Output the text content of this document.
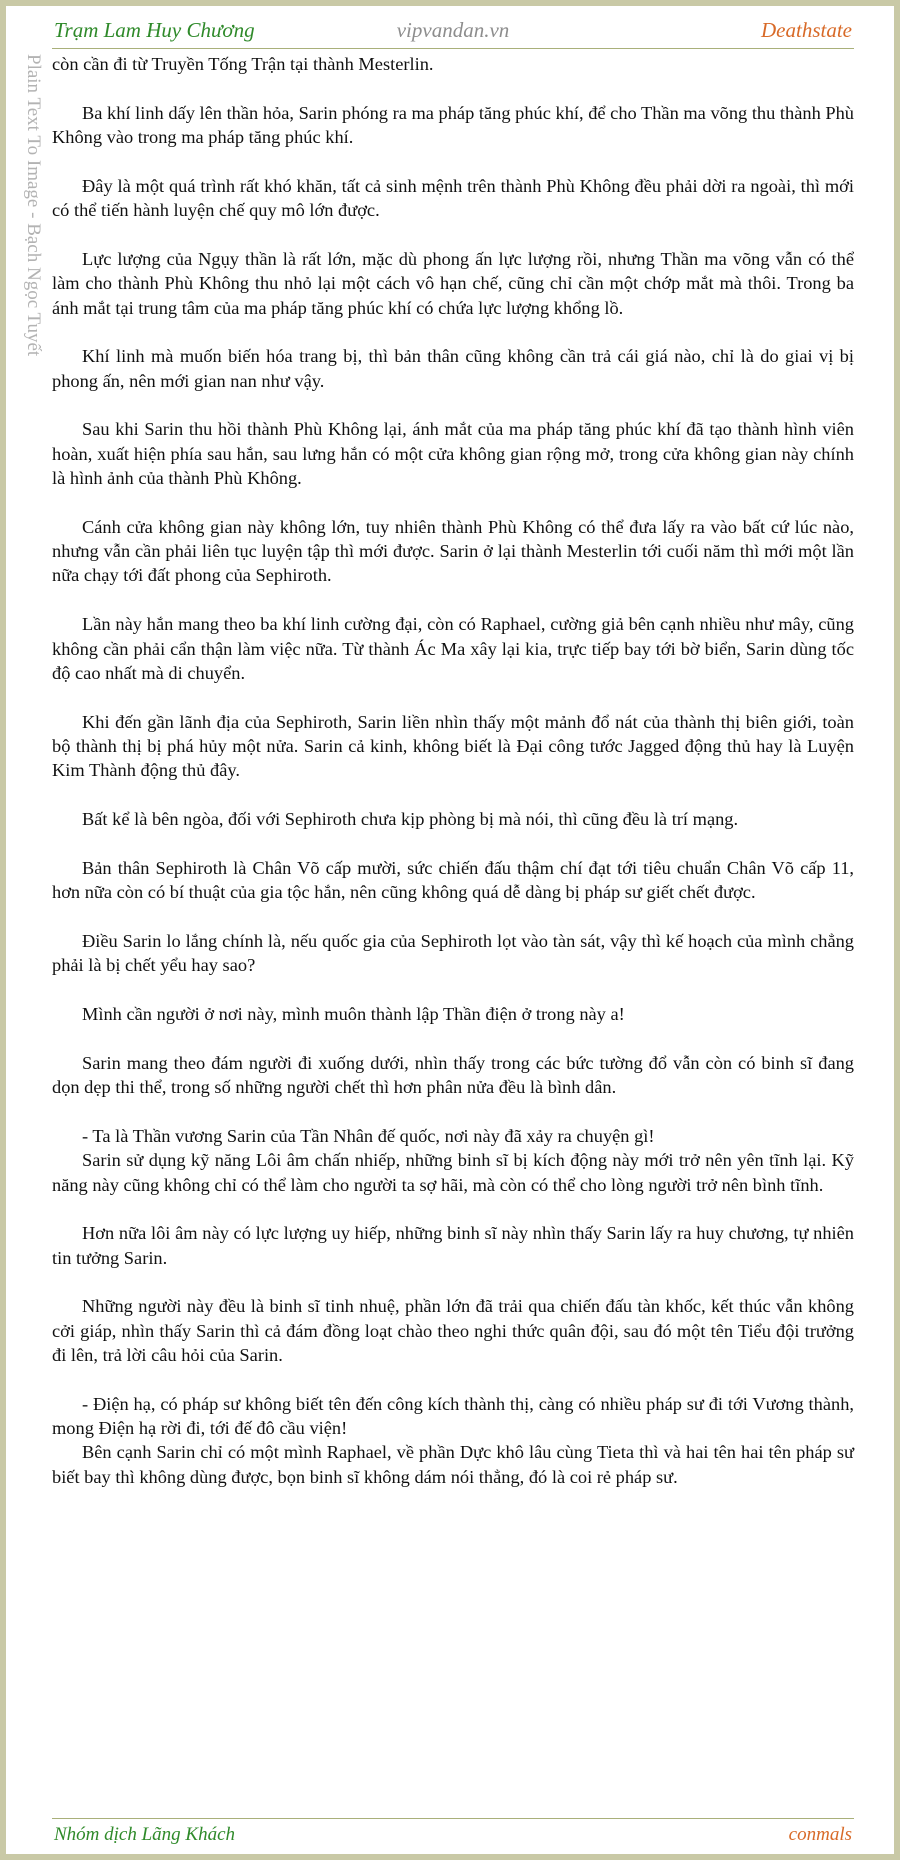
Trạm Lam Huy Chương	vipvandan.vn	Deathstate
Plain Text To Image - Bạch Ngọc Tuyết còn cần đi từ Truyền Tống Trận tại thành Mesterlin.

Ba khí linh dấy lên thần hỏa, Sarin phóng ra ma pháp tăng phúc khí, để cho Thần ma võng thu thành Phù Không vào trong ma pháp tăng phúc khí.

Đây là một quá trình rất khó khăn, tất cả sinh mệnh trên thành Phù Không đều phải dời ra ngoài, thì mới có thể tiến hành luyện chế quy mô lớn được.

Lực lượng của Ngụy thần là rất lớn, mặc dù phong ấn lực lượng rồi, nhưng Thần ma võng vẫn có thể làm cho thành Phù Không thu nhỏ lại một cách vô hạn chế, cũng chỉ cần một chớp mắt mà thôi. Trong ba ánh mắt tại trung tâm của ma pháp tăng phúc khí có chứa lực lượng khổng lồ.

Khí linh mà muốn biến hóa trang bị, thì bản thân cũng không cần trả cái giá nào, chỉ là do giai vị bị phong ấn, nên mới gian nan như vậy.

Sau khi Sarin thu hồi thành Phù Không lại, ánh mắt của ma pháp tăng phúc khí đã tạo thành hình viên hoàn, xuất hiện phía sau hắn, sau lưng hắn có một cửa không gian rộng mở, trong cửa không gian này chính là hình ảnh của thành Phù Không.

Cánh cửa không gian này không lớn, tuy nhiên thành Phù Không có thể đưa lấy ra vào bất cứ lúc nào, nhưng vẫn cần phải liên tục luyện tập thì mới được. Sarin ở lại thành Mesterlin tới cuối năm thì mới một lần nữa chạy tới đất phong của Sephiroth.

Lần này hắn mang theo ba khí linh cường đại, còn có Raphael, cường giả bên cạnh nhiều như mây, cũng không cần phải cẩn thận làm việc nữa. Từ thành Ác Ma xây lại kia, trực tiếp bay tới bờ biển, Sarin dùng tốc độ cao nhất mà di chuyển.

Khi đến gần lãnh địa của Sephiroth, Sarin liền nhìn thấy một mảnh đổ nát của thành thị biên giới, toàn bộ thành thị bị phá hủy một nửa. Sarin cả kinh, không biết là Đại công tước Jagged động thủ hay là Luyện Kim Thành động thủ đây.

Bất kể là bên ngòa, đối với Sephiroth chưa kịp phòng bị mà nói, thì cũng đều là trí mạng.

Bản thân Sephiroth là Chân Võ cấp mười, sức chiến đấu thậm chí đạt tới tiêu chuẩn Chân Võ cấp 11, hơn nữa còn có bí thuật của gia tộc hắn, nên cũng không quá dễ dàng bị pháp sư giết chết được.

Điều Sarin lo lắng chính là, nếu quốc gia của Sephiroth lọt vào tàn sát, vậy thì kế hoạch của mình chẳng phải là bị chết yểu hay sao?

Mình cần người ở nơi này, mình muôn thành lập Thần điện ở trong này a!

Sarin mang theo đám người đi xuống dưới, nhìn thấy trong các bức tường đổ vẫn còn có binh sĩ đang dọn dẹp thi thể, trong số những người chết thì hơn phân nửa đều là bình dân.

- Ta là Thần vương Sarin của Tần Nhân đế quốc, nơi này đã xảy ra chuyện gì!

Sarin sử dụng kỹ năng Lôi âm chấn nhiếp, những binh sĩ bị kích động này mới trở nên yên tĩnh lại. Kỹ năng này cũng không chỉ có thể làm cho người ta sợ hãi, mà còn có thể cho lòng người trở nên bình tĩnh.

Hơn nữa lôi âm này có lực lượng uy hiếp, những binh sĩ này nhìn thấy Sarin lấy ra huy chương, tự nhiên tin tưởng Sarin.

Những người này đều là binh sĩ tinh nhuệ, phần lớn đã trải qua chiến đấu tàn khốc, kết thúc vẫn không cởi giáp, nhìn thấy Sarin thì cả đám đồng loạt chào theo nghi thức quân đội, sau đó một tên Tiểu đội trưởng đi lên, trả lời câu hỏi của Sarin.

- Điện hạ, có pháp sư không biết tên đến công kích thành thị, càng có nhiều pháp sư đi tới Vương thành, mong Điện hạ rời đi, tới đế đô cầu viện!

Bên cạnh Sarin chỉ có một mình Raphael, về phần Dực khô lâu cùng Tieta thì và hai tên hai tên pháp sư biết bay thì không dùng được, bọn binh sĩ không dám nói thẳng, đó là coi rẻ pháp sư.

Nhóm dịch Lãng Khách	conmals
